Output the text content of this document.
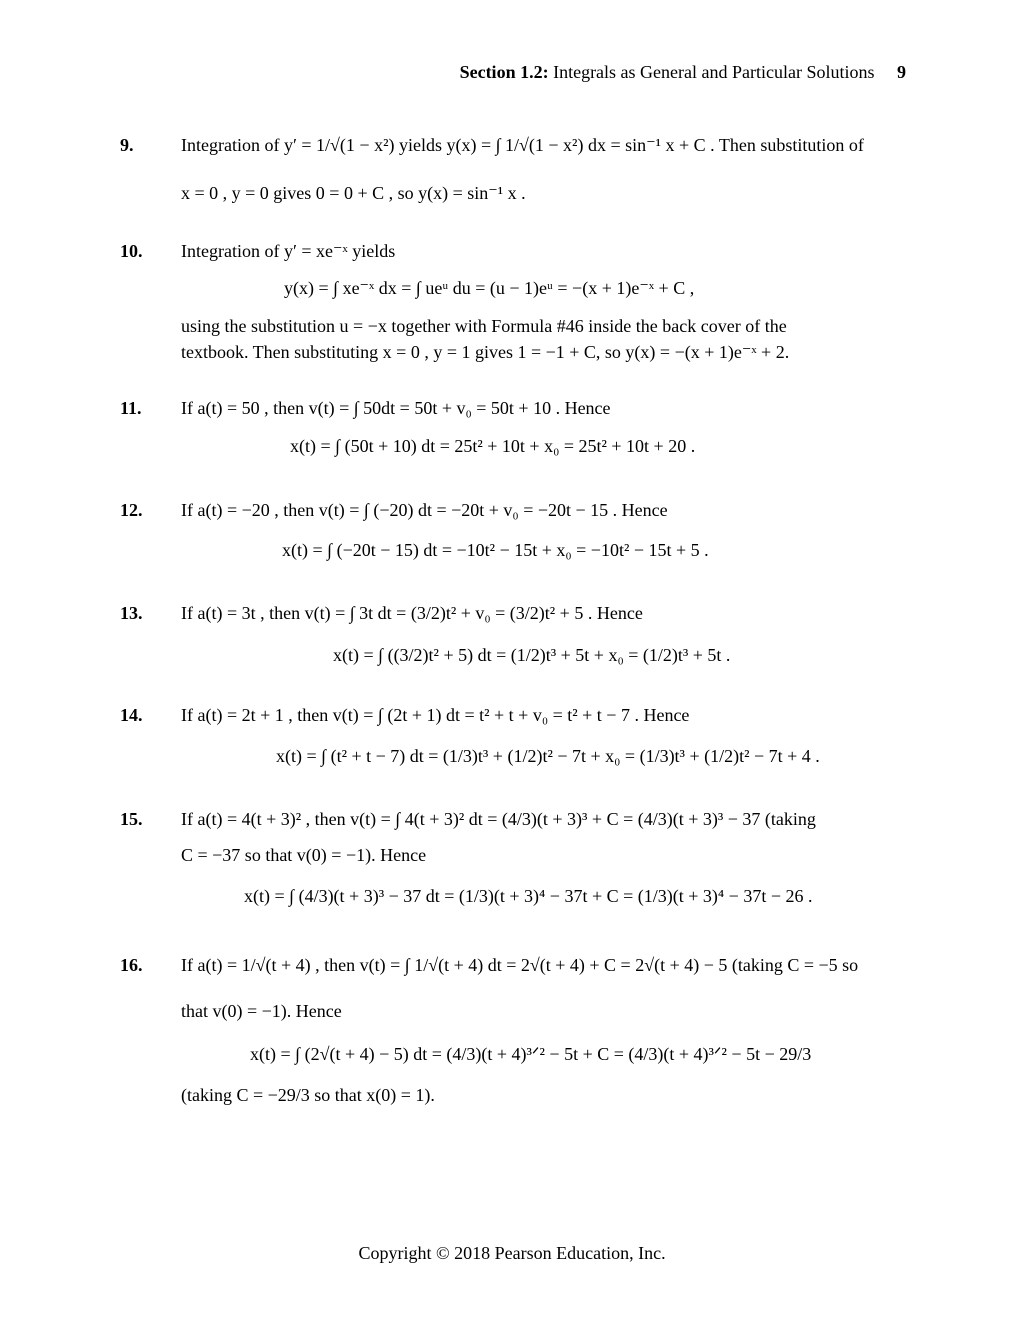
Section 1.2: Integrals as General and Particular Solutions 9
9.	Integration of y′ = 1/√(1 − x²) yields y(x) = ∫ 1/√(1 − x²) dx = sin⁻¹ x + C . Then substitution of
x = 0 , y = 0 gives 0 = 0 + C , so y(x) = sin⁻¹ x .
10. Integration of y′ = xe⁻ˣ yields
y(x) = ∫ xe⁻ˣ dx = ∫ ueᵘ du = (u − 1)eᵘ = −(x + 1)e⁻ˣ + C ,
using the substitution u = −x together with Formula #46 inside the back cover of the
textbook. Then substituting x = 0 , y = 1 gives 1 = −1 + C, so y(x) = −(x + 1)e⁻ˣ + 2.
11. If a(t) = 50 , then v(t) = ∫ 50dt = 50t + v₀ = 50t + 10 . Hence
x(t) = ∫ (50t + 10) dt = 25t² + 10t + x₀ = 25t² + 10t + 20 .
12. If a(t) = −20 , then v(t) = ∫ (−20) dt = −20t + v₀ = −20t − 15 . Hence
x(t) = ∫ (−20t − 15) dt = −10t² − 15t + x₀ = −10t² − 15t + 5 .
13. If a(t) = 3t , then v(t) = ∫ 3t dt = (3/2)t² + v₀ = (3/2)t² + 5 . Hence
x(t) = ∫ ((3/2)t² + 5) dt = (1/2)t³ + 5t + x₀ = (1/2)t³ + 5t .
14. If a(t) = 2t + 1 , then v(t) = ∫ (2t + 1) dt = t² + t + v₀ = t² + t − 7 . Hence
x(t) = ∫ (t² + t − 7) dt = (1/3)t³ + (1/2)t² − 7t + x₀ = (1/3)t³ + (1/2)t² − 7t + 4 .
15. If a(t) = 4(t + 3)² , then v(t) = ∫ 4(t + 3)² dt = (4/3)(t + 3)³ + C = (4/3)(t + 3)³ − 37 (taking
C = −37 so that v(0) = −1). Hence
x(t) = ∫ (4/3)(t + 3)³ − 37 dt = (1/3)(t + 3)⁴ − 37t + C = (1/3)(t + 3)⁴ − 37t − 26 .
16. If a(t) = 1/√(t + 4) , then v(t) = ∫ 1/√(t + 4) dt = 2√(t + 4) + C = 2√(t + 4) − 5 (taking C = −5 so
that v(0) = −1). Hence
x(t) = ∫ (2√(t + 4) − 5) dt = (4/3)(t + 4)³ᐟ² − 5t + C = (4/3)(t + 4)³ᐟ² − 5t − 29/3
(taking C = −29/3 so that x(0) = 1).
Copyright © 2018 Pearson Education, Inc.
